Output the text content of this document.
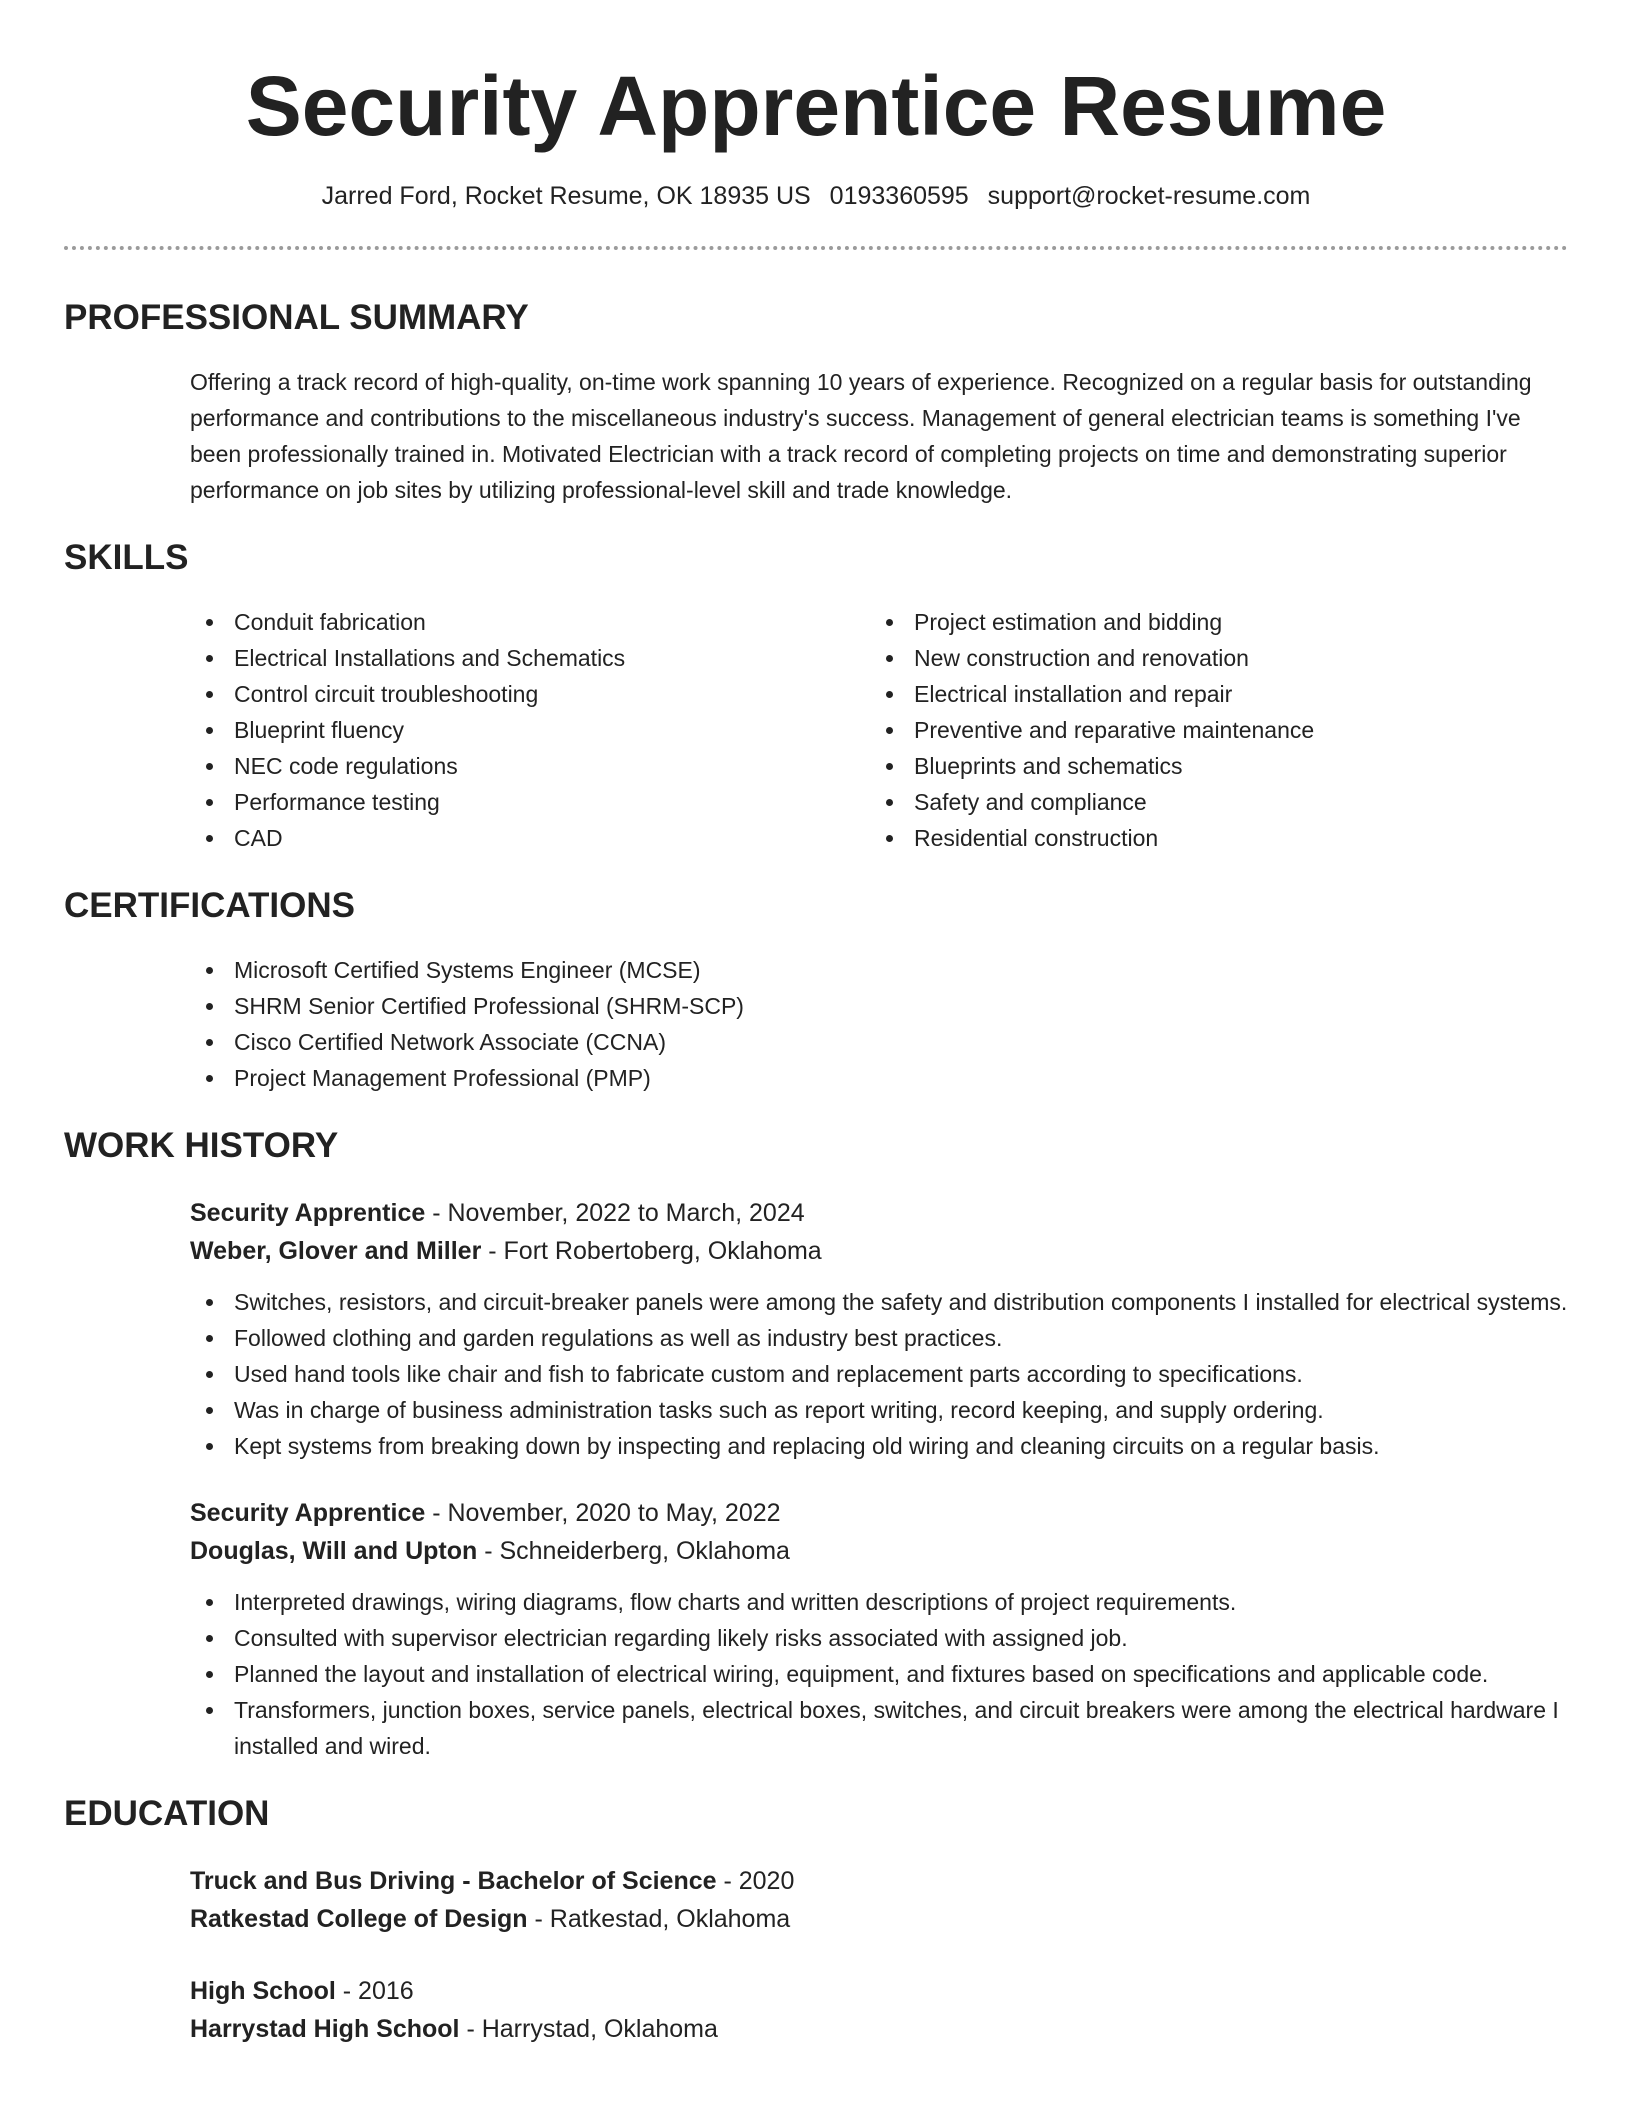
Security Apprentice Resume
Jarred Ford, Rocket Resume, OK 18935 US 0193360595 support@rocket-resume.com
PROFESSIONAL SUMMARY

Offering a track record of high-quality, on-time work spanning 10 years of experience. Recognized on a regular basis for outstanding performance and contributions to the miscellaneous industry's success. Management of general electrician teams is something I've been professionally trained in. Motivated Electrician with a track record of completing projects on time and demonstrating superior performance on job sites by utilizing professional-level skill and trade knowledge.

SKILLS
Conduit fabrication
Electrical Installations and Schematics
Control circuit troubleshooting
Blueprint fluency
NEC code regulations
Performance testing
CAD
Project estimation and bidding
New construction and renovation
Electrical installation and repair
Preventive and reparative maintenance
Blueprints and schematics
Safety and compliance
Residential construction
CERTIFICATIONS
Microsoft Certified Systems Engineer (MCSE)
SHRM Senior Certified Professional (SHRM-SCP)
Cisco Certified Network Associate (CCNA)
Project Management Professional (PMP)
WORK HISTORY

Security Apprentice - November, 2022 to March, 2024

Weber, Glover and Miller - Fort Robertoberg, Oklahoma

Switches, resistors, and circuit-breaker panels were among the safety and distribution components I installed for electrical systems.
Followed clothing and garden regulations as well as industry best practices.
Used hand tools like chair and fish to fabricate custom and replacement parts according to specifications.
Was in charge of business administration tasks such as report writing, record keeping, and supply ordering.
Kept systems from breaking down by inspecting and replacing old wiring and cleaning circuits on a regular basis.

Security Apprentice - November, 2020 to May, 2022

Douglas, Will and Upton - Schneiderberg, Oklahoma

Interpreted drawings, wiring diagrams, flow charts and written descriptions of project requirements.
Consulted with supervisor electrician regarding likely risks associated with assigned job.
Planned the layout and installation of electrical wiring, equipment, and fixtures based on specifications and applicable code.
Transformers, junction boxes, service panels, electrical boxes, switches, and circuit breakers were among the electrical hardware I installed and wired.
EDUCATION

Truck and Bus Driving - Bachelor of Science - 2020

Ratkestad College of Design - Ratkestad, Oklahoma

High School - 2016

Harrystad High School - Harrystad, Oklahoma
